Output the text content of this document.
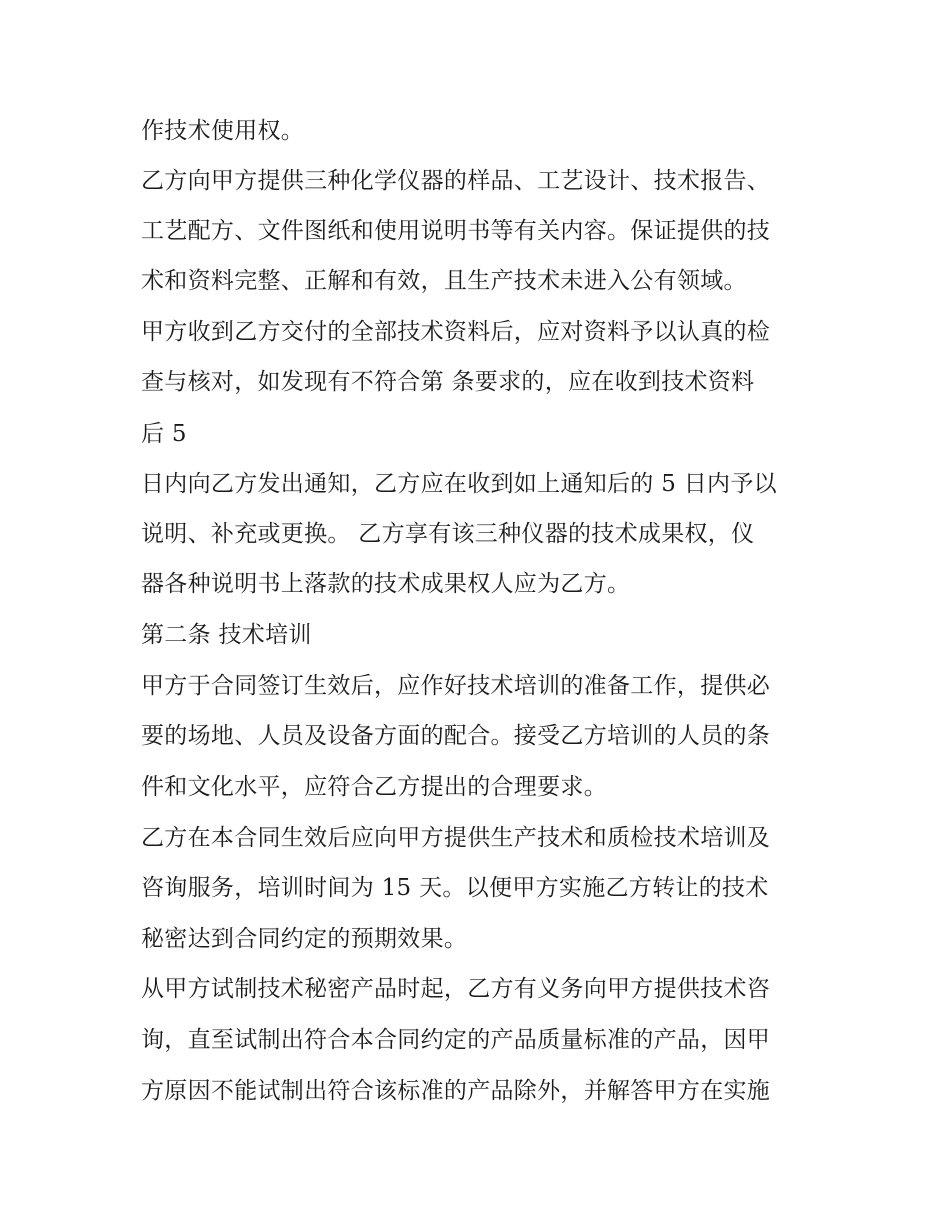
作技术使用权。
乙方向甲方提供三种化学仪器的样品、工艺设计、技术报告、
工艺配方、文件图纸和使用说明书等有关内容。保证提供的技
术和资料完整、正解和有效，且生产技术未进入公有领域。
甲方收到乙方交付的全部技术资料后，应对资料予以认真的检
查与核对，如发现有不符合第 条要求的，应在收到技术资料
后 5
日内向乙方发出通知，乙方应在收到如上通知后的 5 日内予以
说明、补充或更换。 乙方享有该三种仪器的技术成果权，仪
器各种说明书上落款的技术成果权人应为乙方。
第二条 技术培训
甲方于合同签订生效后，应作好技术培训的准备工作，提供必
要的场地、人员及设备方面的配合。接受乙方培训的人员的条
件和文化水平，应符合乙方提出的合理要求。
乙方在本合同生效后应向甲方提供生产技术和质检技术培训及
咨询服务，培训时间为 15 天。以便甲方实施乙方转让的技术
秘密达到合同约定的预期效果。
从甲方试制技术秘密产品时起，乙方有义务向甲方提供技术咨
询，直至试制出符合本合同约定的产品质量标准的产品，因甲
方原因不能试制出符合该标准的产品除外，并解答甲方在实施
